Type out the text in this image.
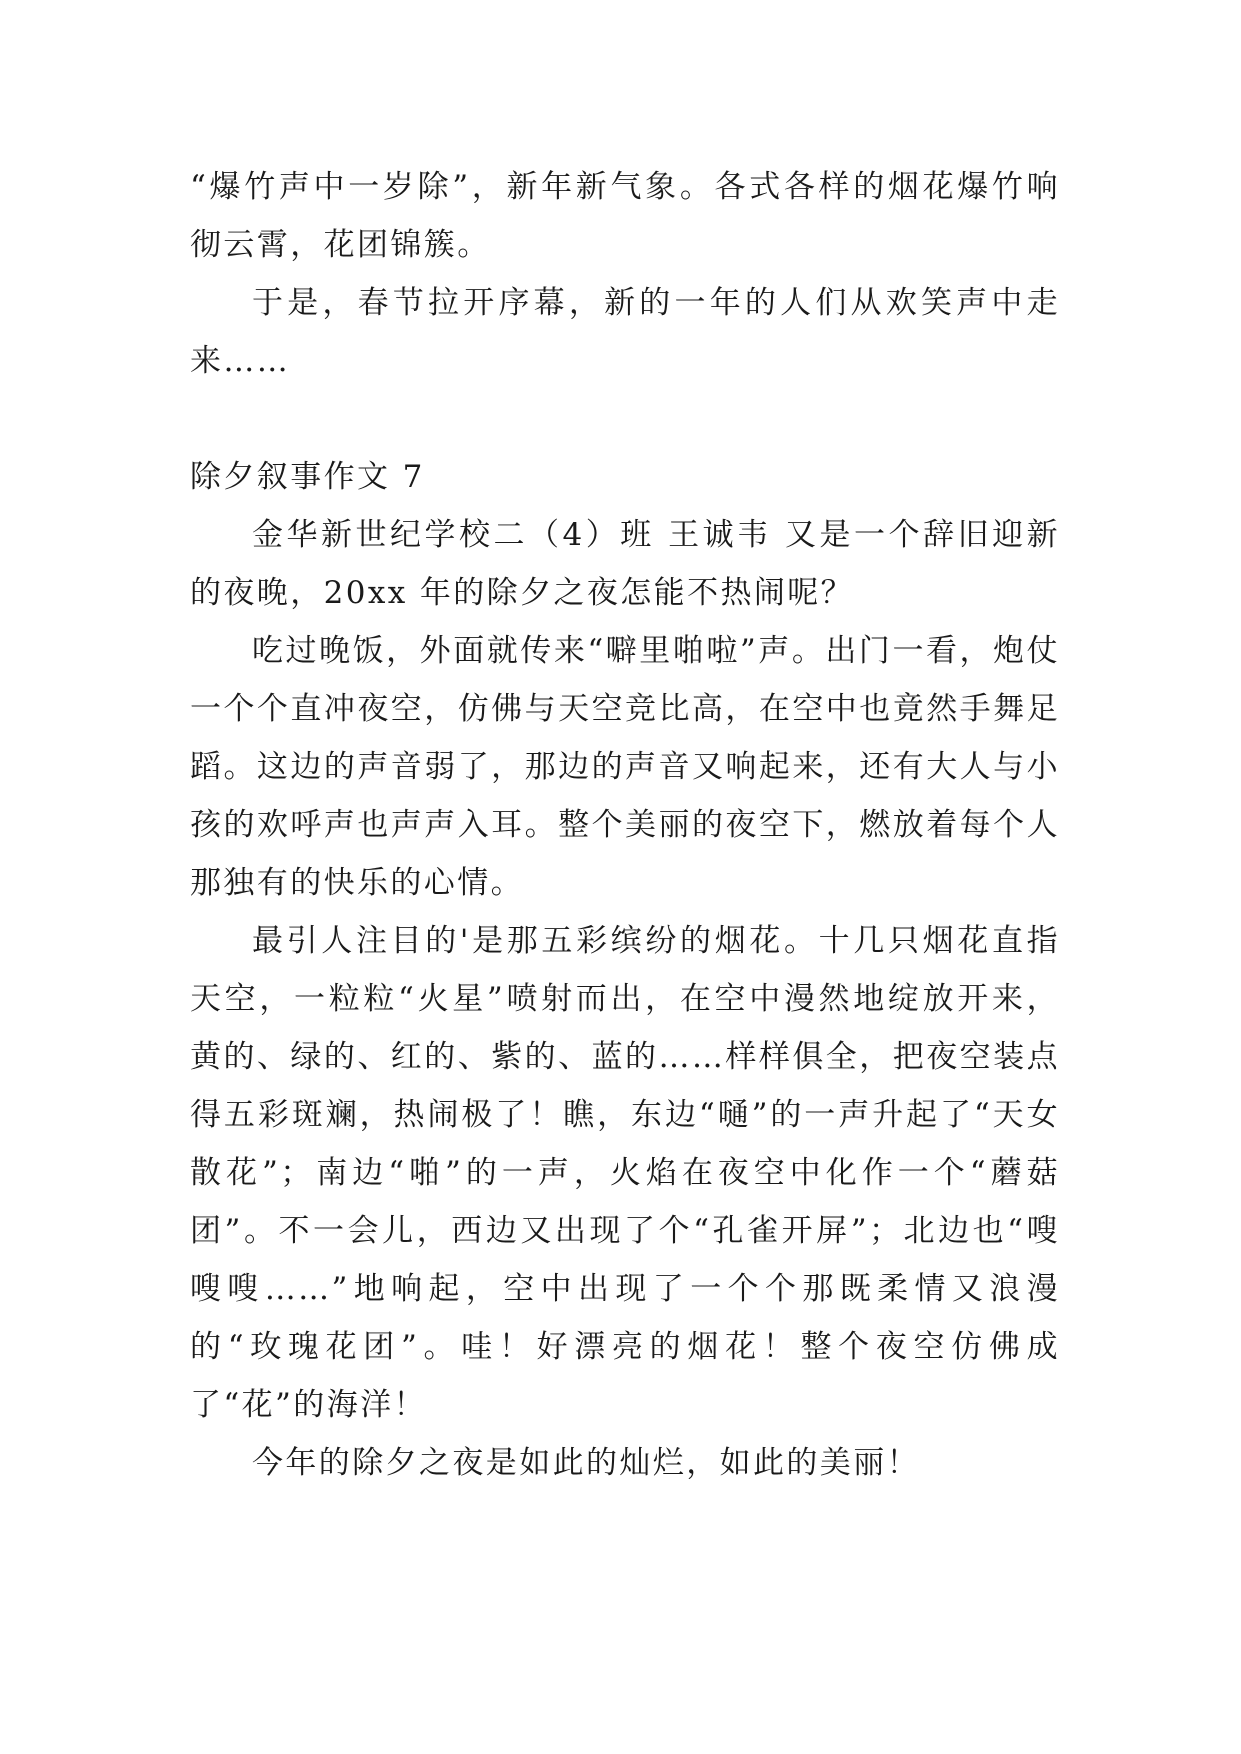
“爆竹声中一岁除”，新年新气象。各式各样的烟花爆竹响彻云霄，花团锦簇。

于是，春节拉开序幕，新的一年的人们从欢笑声中走来……

除夕叙事作文 7

金华新世纪学校二（4）班 王诚韦 又是一个辞旧迎新的夜晚，20xx 年的除夕之夜怎能不热闹呢？

吃过晚饭，外面就传来“噼里啪啦”声。出门一看，炮仗一个个直冲夜空，仿佛与天空竞比高，在空中也竟然手舞足蹈。这边的声音弱了，那边的声音又响起来，还有大人与小孩的欢呼声也声声入耳。整个美丽的夜空下，燃放着每个人那独有的快乐的心情。

最引人注目的'是那五彩缤纷的烟花。十几只烟花直指天空，一粒粒“火星”喷射而出，在空中漫然地绽放开来，黄的、绿的、红的、紫的、蓝的……样样俱全，把夜空装点得五彩斑斓，热闹极了！瞧，东边“嗵”的一声升起了“天女散花”；南边“啪”的一声，火焰在夜空中化作一个“蘑菇团”。不一会儿，西边又出现了个“孔雀开屏”；北边也“嗖嗖嗖……”地响起，空中出现了一个个那既柔情又浪漫的“玫瑰花团”。哇！好漂亮的烟花！整个夜空仿佛成了“花”的海洋！

今年的除夕之夜是如此的灿烂，如此的美丽！
